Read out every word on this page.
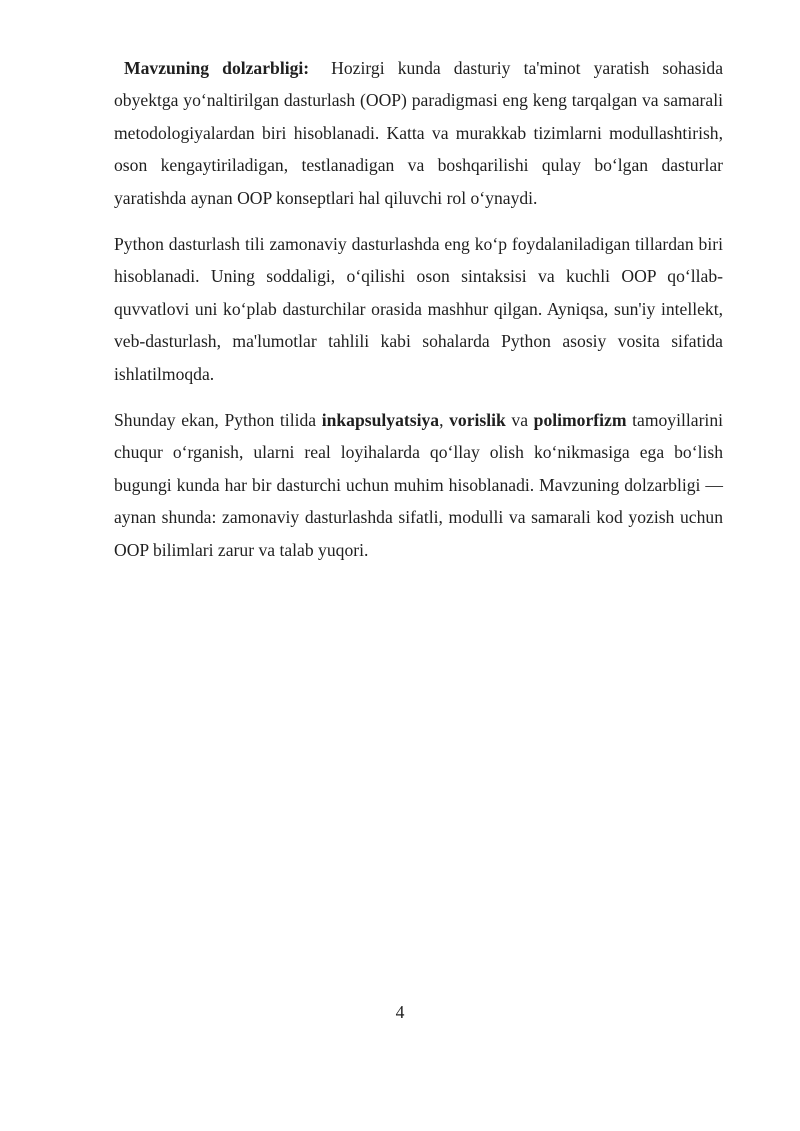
Mavzuning dolzarbligi: Hozirgi kunda dasturiy ta'minot yaratish sohasida obyektga yo‘naltirilgan dasturlash (OOP) paradigmasi eng keng tarqalgan va samarali metodologiyalardan biri hisoblanadi. Katta va murakkab tizimlarni modullashtirish, oson kengaytiriladigan, testlanadigan va boshqarilishi qulay bo‘lgan dasturlar yaratishda aynan OOP konseptlari hal qiluvchi rol o‘ynaydi.

Python dasturlash tili zamonaviy dasturlashda eng ko‘p foydalaniladigan tillardan biri hisoblanadi. Uning soddaligi, o‘qilishi oson sintaksisi va kuchli OOP qo‘llab-quvvatlovi uni ko‘plab dasturchilar orasida mashhur qilgan. Ayniqsa, sun'iy intellekt, veb-dasturlash, ma'lumotlar tahlili kabi sohalarda Python asosiy vosita sifatida ishlatilmoqda.

Shunday ekan, Python tilida inkapsulyatsiya, vorislik va polimorfizm tamoyillarini chuqur o‘rganish, ularni real loyihalarda qo‘llay olish ko‘nikmasiga ega bo‘lish bugungi kunda har bir dasturchi uchun muhim hisoblanadi. Mavzuning dolzarbligi — aynan shunda: zamonaviy dasturlashda sifatli, modulli va samarali kod yozish uchun OOP bilimlari zarur va talab yuqori.

4
